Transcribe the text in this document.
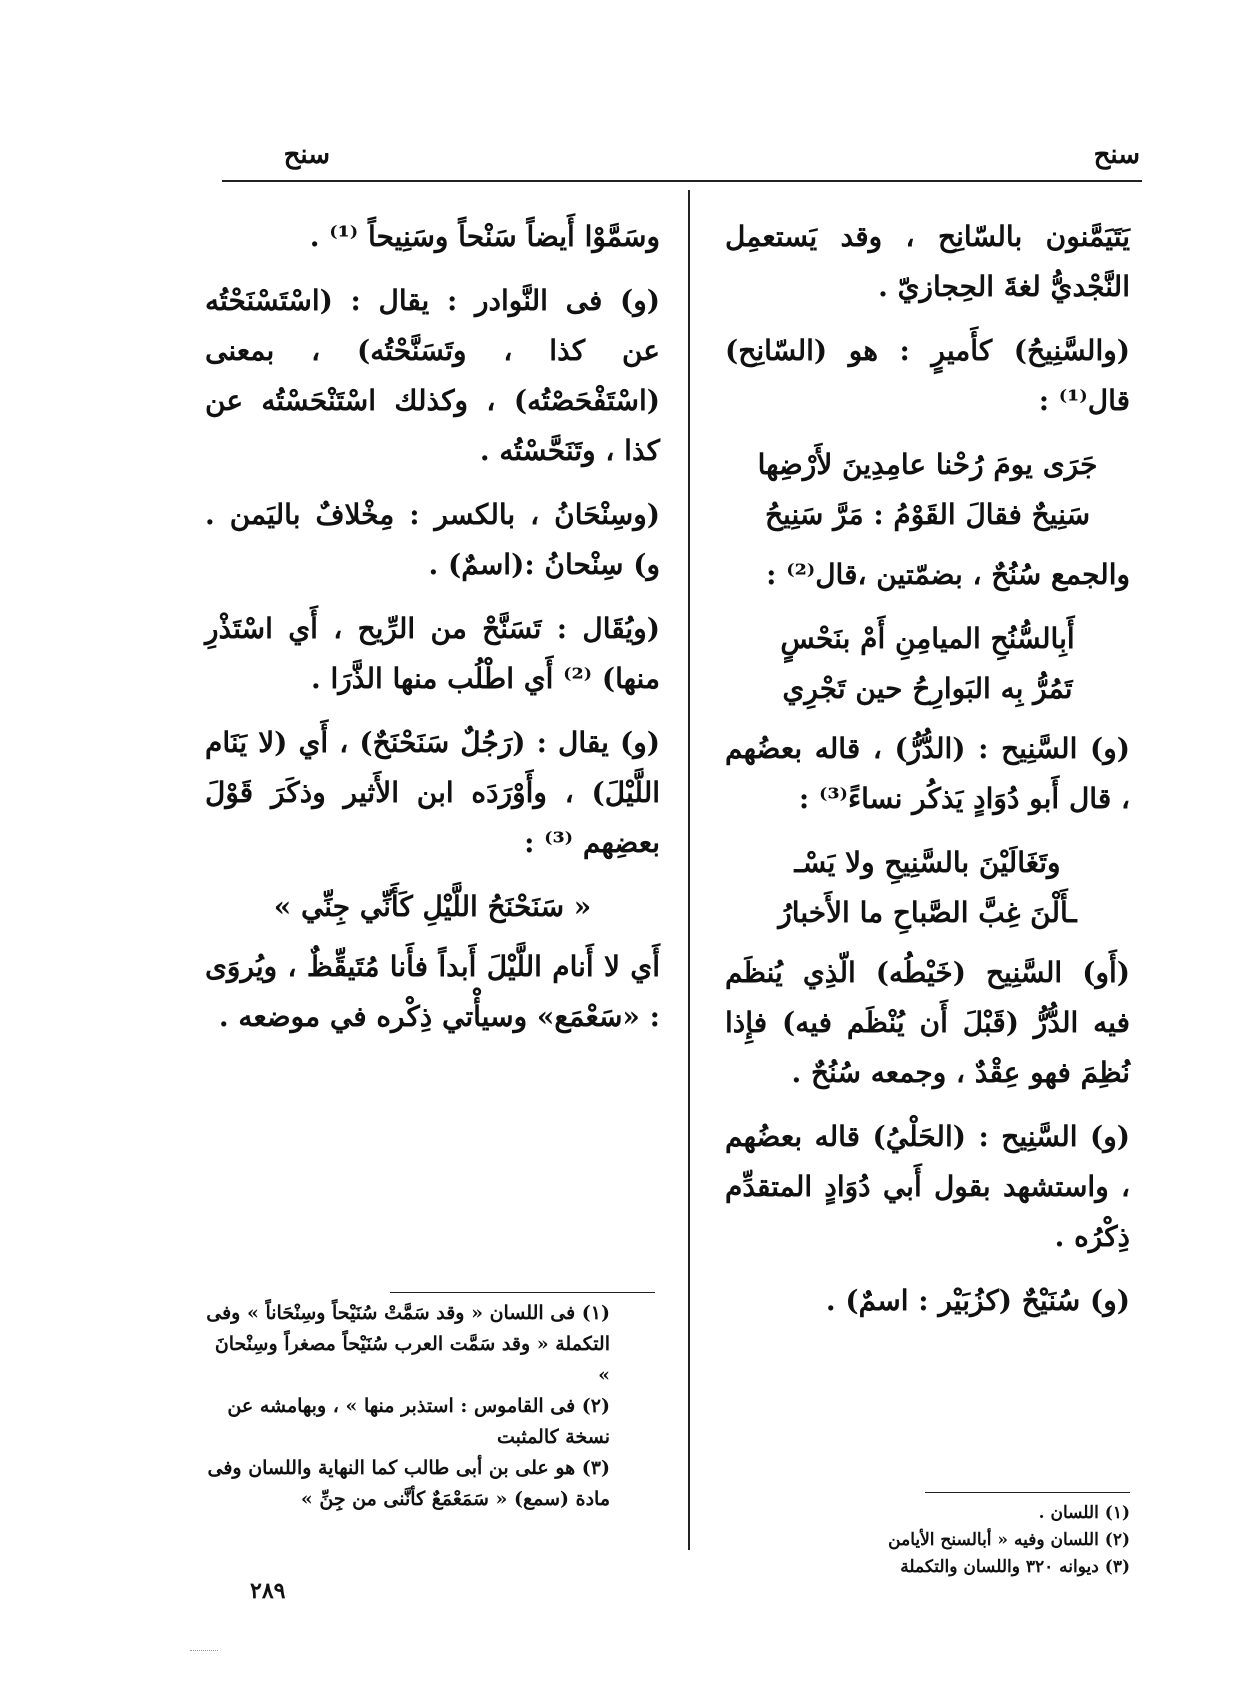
سنح
سنح

يَتَيَمَّنون بالسّانِح ، وقد يَستعمِل النَّجْديُّ لغةَ الحِجازيّ .

(والسَّنِيحُ) كأَميرٍ : هو (السّانِح) قال⁽¹⁾ :

جَرَى يومَ رُحْنا عامِدِينَ لأَرْضِها
سَنِيحٌ فقالَ القَوْمُ : مَرَّ سَنِيحُ

والجمع سُنُحٌ ، بضمّتين ،قال⁽²⁾ :

أَبِالسُّنُحِ الميامِنِ أَمْ بنَحْسٍ
تَمُرُّ بِه البَوارِحُ حين تَجْرِي

(و) السَّنِيح : (الدُّرُّ) ، قاله بعضُهم ، قال أَبو دُوَادٍ يَذكُر نساءً⁽³⁾ :

وتَغَالَيْنَ بالسَّنِيحِ ولا يَسْـ
ـأَلْنَ غِبَّ الصَّباحِ ما الأَخبارُ

(أَو) السَّنِيح (خَيْطُه) الّذِي يُنظَم فيه الدُّرُّ (قَبْلَ أَن يُنْظَم فيه) فإِذا نُظِمَ فهو عِقْدٌ ، وجمعه سُنُحٌ .

(و) السَّنِيح : (الحَلْيُ) قاله بعضُهم ، واستشهد بقول أَبي دُوَادٍ المتقدِّم ذِكْرُه .

(و) سُنَيْحٌ (كزُبَيْر : اسمٌ) .

(١) اللسان .
(٢) اللسان وفيه « أبالسنح الأيامن
(٣) ديوانه ٣٢٠ واللسان والتكملة

وسَمَّوْا أَيضاً سَنْحاً وسَنِيحاً ⁽¹⁾ .

(و) فى النَّوادر : يقال : (اسْتَسْنَحْتُه عن كذا ، وتَسَنَّحْتُه) ، بمعنى (اسْتَفْحَصْتُه) ، وكذلك اسْتَنْحَسْتُه عن كذا ، وتَنَحَّسْتُه .

(وسِنْحَانُ ، بالكسر : مِخْلافٌ باليَمن . و) سِنْحانُ :(اسمٌ) .

(ويُقَال : تَسَنَّحْ من الرِّيح ، أَي اسْتَذْرِ منها) ⁽²⁾ أَي اطْلُب منها الذَّرَا .

(و) يقال : (رَجُلٌ سَنَحْنَحٌ) ، أَي (لا يَنَام اللَّيْلَ) ، وأَوْرَدَه ابن الأَثير وذكَرَ قَوْلَ بعضِهم ⁽³⁾ :

« سَنَحْنَحُ اللَّيْلِ كَأَنِّي جِنِّي »

أَي لا أَنام اللَّيْلَ أَبداً فأَنا مُتَيقِّظٌ ، ويُروَى : «سَعْمَع» وسيأْتي ذِكْره في موضعه .

(١) فى اللسان « وقد سَمَّتْ سُنَيْحاً وسِنْحَاناً » وفى التكملة « وقد سَمَّت العرب سُنَيْحاً مصغراً وسِنْحانَ »
(٢) فى القاموس : استذبر منها » ، وبهامشه عن نسخة كالمثبت
(٣) هو على بن أبى طالب كما النهاية واللسان وفى مادة (سمع) « سَمَعْمَعٌ كأنَّنى من جِنِّ »
٢٨٩
